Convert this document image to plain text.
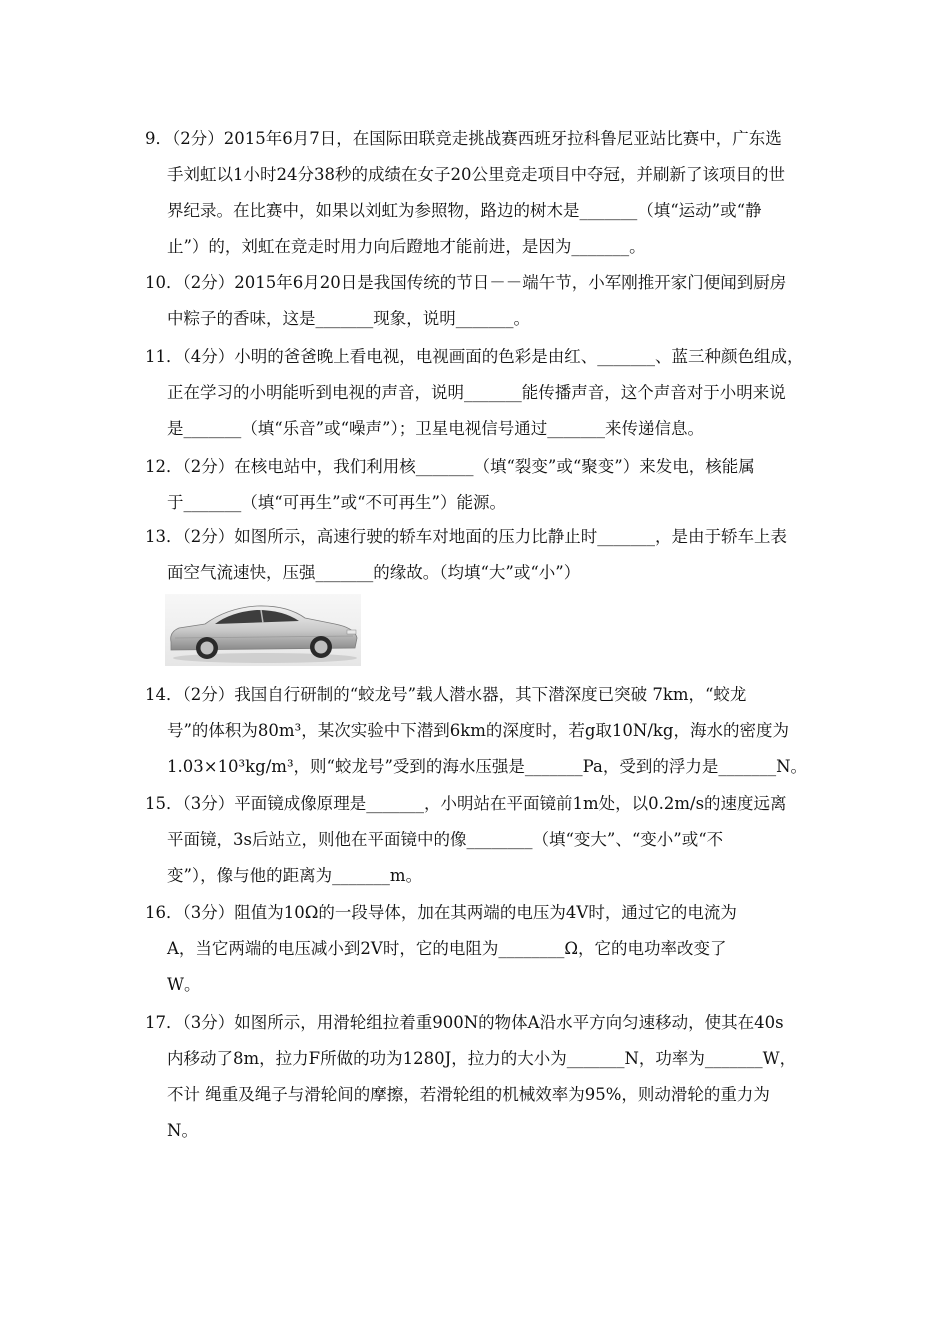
9．（2分）2015年6月7日，在国际田联竞走挑战赛西班牙拉科鲁尼亚站比赛中，广东选
手刘虹以1小时24分38秒的成绩在女子20公里竞走项目中夺冠，并刷新了该项目的世
界纪录。在比赛中，如果以刘虹为参照物，路边的树木是_______（填“运动”或“静
止”）的，刘虹在竞走时用力向后蹬地才能前进，是因为_______。
10．（2分）2015年6月20日是我国传统的节日－－端午节，小军刚推开家门便闻到厨房
中粽子的香味，这是_______现象，说明_______。
11．（4分）小明的爸爸晚上看电视，电视画面的色彩是由红、_______、蓝三种颜色组成，
正在学习的小明能听到电视的声音，说明_______能传播声音，这个声音对于小明来说
是_______（填“乐音”或“噪声”）；卫星电视信号通过_______来传递信息。
12．（2分）在核电站中，我们利用核_______（填“裂变”或“聚变”）来发电，核能属
于_______（填“可再生”或“不可再生”）能源。
13．（2分）如图所示，高速行驶的轿车对地面的压力比静止时_______，是由于轿车上表
面空气流速快，压强_______的缘故。（均填“大”或“小”）
14．（2分）我国自行研制的“蛟龙号”载人潜水器，其下潜深度已突破 7km，“蛟龙
号”的体积为80m³，某次实验中下潜到6km的深度时，若g取10N/kg，海水的密度为
1.03×10³kg/m³，则“蛟龙号”受到的海水压强是_______Pa，受到的浮力是_______N。
15．（3分）平面镜成像原理是_______，小明站在平面镜前1m处，以0.2m/s的速度远离
平面镜，3s后站立，则他在平面镜中的像________（填“变大”、“变小”或“不
变”），像与他的距离为_______m。
16．（3分）阻值为10Ω的一段导体，加在其两端的电压为4V时，通过它的电流为
A，当它两端的电压减小到2V时，它的电阻为________Ω，它的电功率改变了
W。
17．（3分）如图所示，用滑轮组拉着重900N的物体A沿水平方向匀速移动，使其在40s
内移动了8m，拉力F所做的功为1280J，拉力的大小为_______N，功率为_______W，
不计 绳重及绳子与滑轮间的摩擦，若滑轮组的机械效率为95%，则动滑轮的重力为
N。
